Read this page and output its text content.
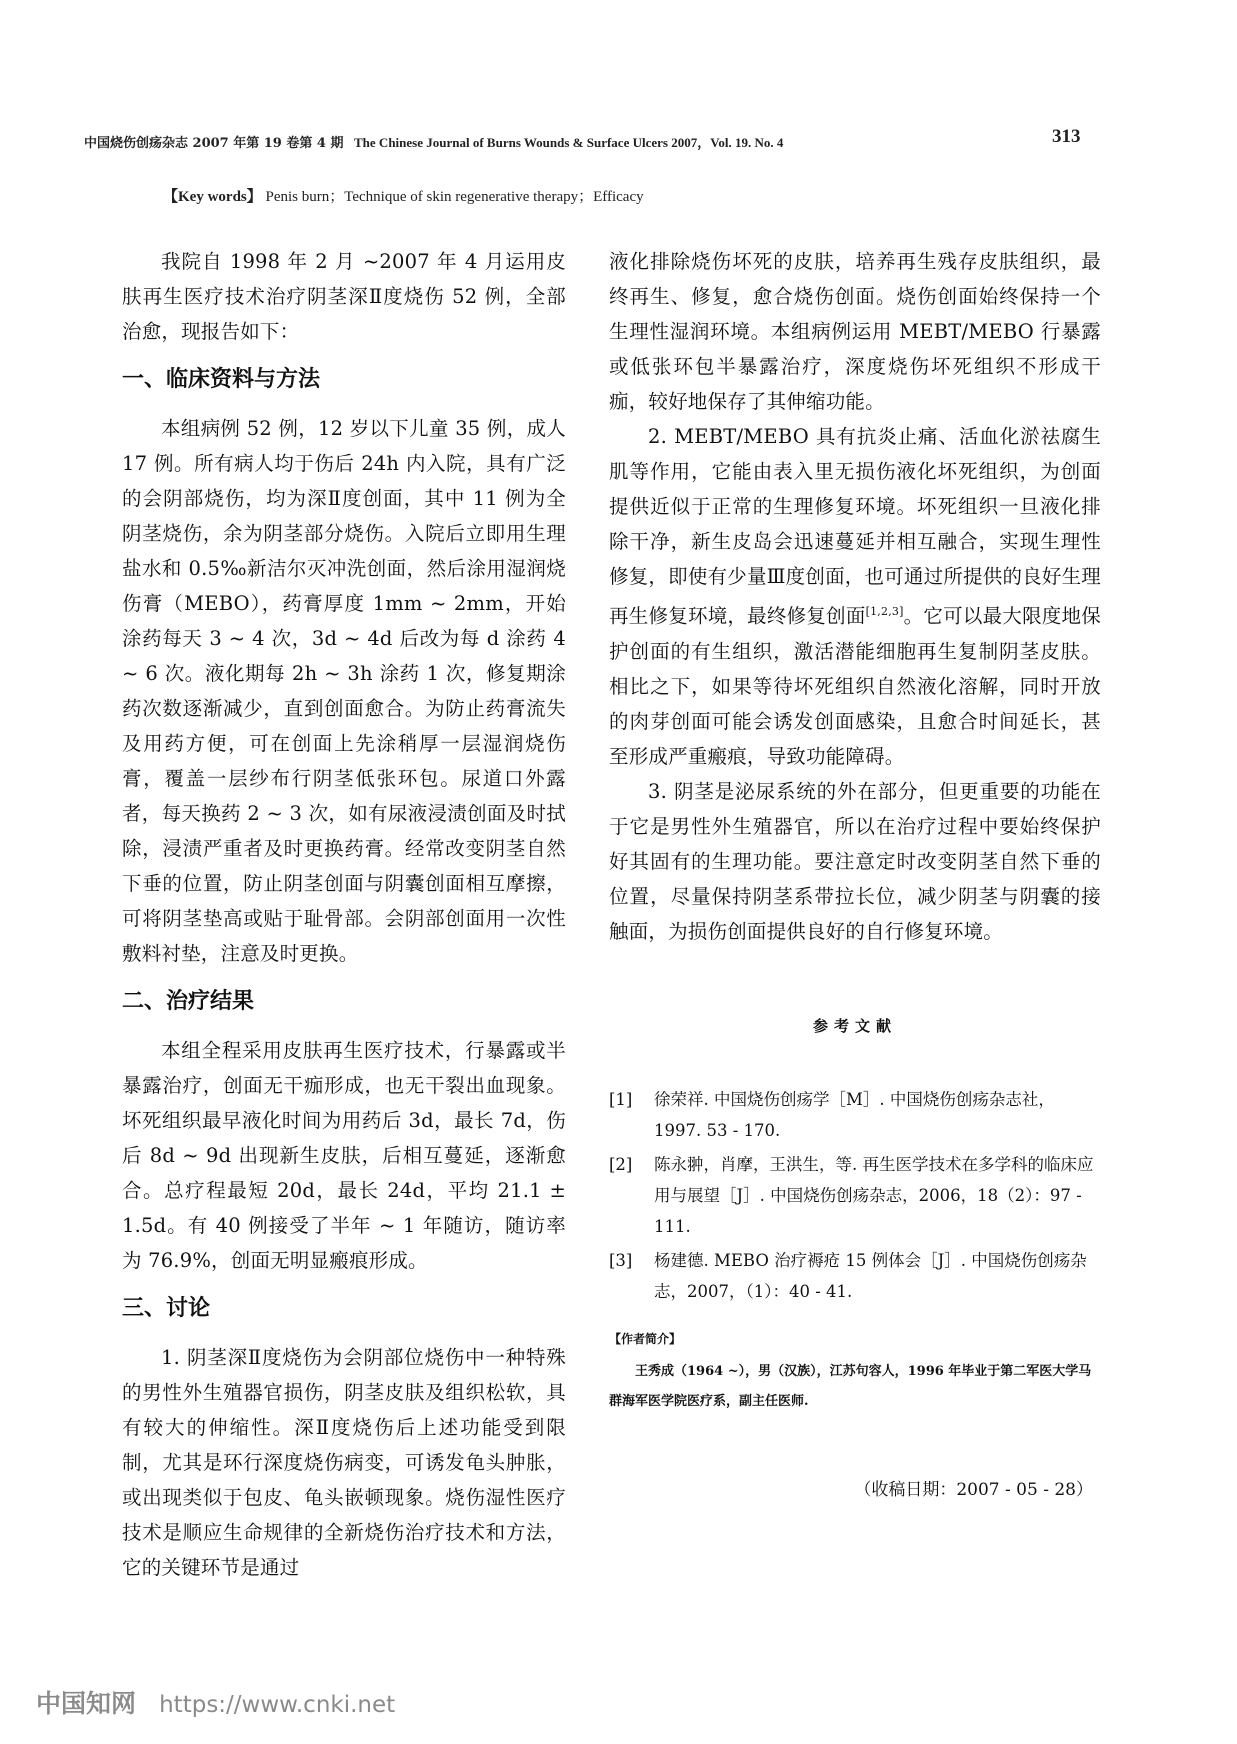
中国烧伤创疡杂志 2007 年第 19 卷第 4 期 The Chinese Journal of Burns Wounds & Surface Ulcers 2007，Vol. 19. No. 4	313
【Key words】 Penis burn；Technique of skin regenerative therapy；Efficacy

我院自 1998 年 2 月 ~2007 年 4 月运用皮肤再生医疗技术治疗阴茎深Ⅱ度烧伤 52 例，全部治愈，现报告如下：

一、临床资料与方法

本组病例 52 例，12 岁以下儿童 35 例，成人 17 例。所有病人均于伤后 24h 内入院，具有广泛的会阴部烧伤，均为深Ⅱ度创面，其中 11 例为全阴茎烧伤，余为阴茎部分烧伤。入院后立即用生理盐水和 0.5‰新洁尔灭冲洗创面，然后涂用湿润烧伤膏（MEBO），药膏厚度 1mm ~ 2mm，开始涂药每天 3 ~ 4 次，3d ~ 4d 后改为每 d 涂药 4 ~ 6 次。液化期每 2h ~ 3h 涂药 1 次，修复期涂药次数逐渐减少，直到创面愈合。为防止药膏流失及用药方便，可在创面上先涂稍厚一层湿润烧伤膏，覆盖一层纱布行阴茎低张环包。尿道口外露者，每天换药 2 ~ 3 次，如有尿液浸渍创面及时拭除，浸渍严重者及时更换药膏。经常改变阴茎自然下垂的位置，防止阴茎创面与阴囊创面相互摩擦，可将阴茎垫高或贴于耻骨部。会阴部创面用一次性敷料衬垫，注意及时更换。

二、治疗结果

本组全程采用皮肤再生医疗技术，行暴露或半暴露治疗，创面无干痂形成，也无干裂出血现象。坏死组织最早液化时间为用药后 3d，最长 7d，伤后 8d ~ 9d 出现新生皮肤，后相互蔓延，逐渐愈合。总疗程最短 20d，最长 24d，平均 21.1 ± 1.5d。有 40 例接受了半年 ~ 1 年随访，随访率为 76.9%，创面无明显瘢痕形成。

三、讨论

1. 阴茎深Ⅱ度烧伤为会阴部位烧伤中一种特殊的男性外生殖器官损伤，阴茎皮肤及组织松软，具有较大的伸缩性。深Ⅱ度烧伤后上述功能受到限制，尤其是环行深度烧伤病变，可诱发龟头肿胀，或出现类似于包皮、龟头嵌顿现象。烧伤湿性医疗技术是顺应生命规律的全新烧伤治疗技术和方法，它的关键环节是通过

液化排除烧伤坏死的皮肤，培养再生残存皮肤组织，最终再生、修复，愈合烧伤创面。烧伤创面始终保持一个生理性湿润环境。本组病例运用 MEBT/MEBO 行暴露或低张环包半暴露治疗，深度烧伤坏死组织不形成干痂，较好地保存了其伸缩功能。

2. MEBT/MEBO 具有抗炎止痛、活血化淤祛腐生肌等作用，它能由表入里无损伤液化坏死组织，为创面提供近似于正常的生理修复环境。坏死组织一旦液化排除干净，新生皮岛会迅速蔓延并相互融合，实现生理性修复，即使有少量Ⅲ度创面，也可通过所提供的良好生理再生修复环境，最终修复创面[1,2,3]。它可以最大限度地保护创面的有生组织，激活潜能细胞再生复制阴茎皮肤。相比之下，如果等待坏死组织自然液化溶解，同时开放的肉芽创面可能会诱发创面感染，且愈合时间延长，甚至形成严重瘢痕，导致功能障碍。

3. 阴茎是泌尿系统的外在部分，但更重要的功能在于它是男性外生殖器官，所以在治疗过程中要始终保护好其固有的生理功能。要注意定时改变阴茎自然下垂的位置，尽量保持阴茎系带拉长位，减少阴茎与阴囊的接触面，为损伤创面提供良好的自行修复环境。

参考文献
[1]	徐荣祥. 中国烧伤创疡学［M］. 中国烧伤创疡杂志社，1997. 53 - 170.
[2]	陈永翀，肖摩，王洪生，等. 再生医学技术在多学科的临床应用与展望［J］. 中国烧伤创疡杂志，2006，18（2）：97 - 111.
[3]	杨建德. MEBO 治疗褥疮 15 例体会［J］. 中国烧伤创疡杂志，2007，（1）：40 - 41.
【作者简介】
王秀成（1964 ~），男（汉族），江苏句容人，1996 年毕业于第二军医大学马群海军医学院医疗系，副主任医师.
（收稿日期：2007 - 05 - 28）
中国知网 https://www.cnki.net
